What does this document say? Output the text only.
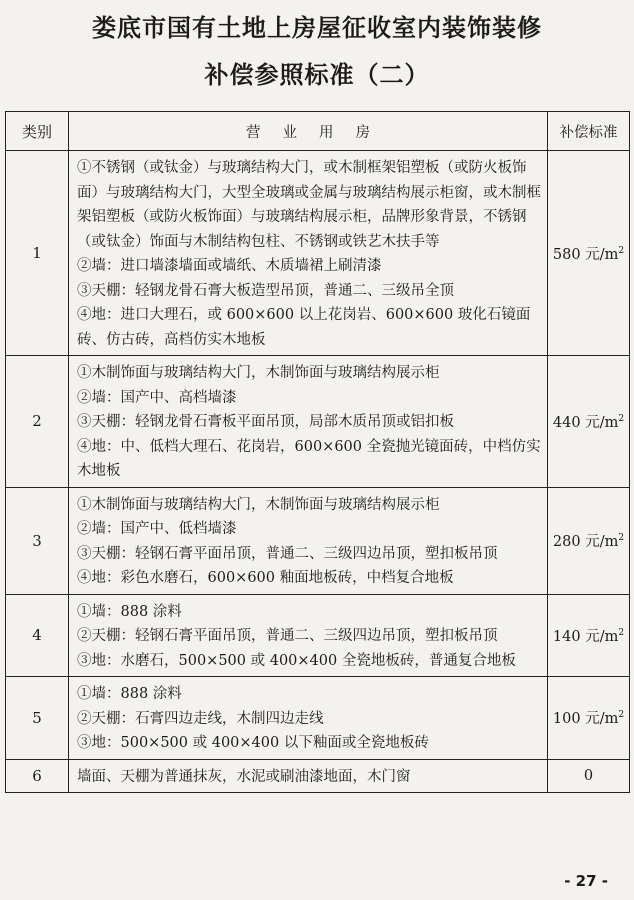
娄底市国有土地上房屋征收室内装饰装修
补偿参照标准（二）
类别	营业用房	补偿标准
1	①不锈钢（或钛金）与玻璃结构大门，或木制框架铝塑板（或防火板饰面）与玻璃结构大门，大型全玻璃或金属与玻璃结构展示柜窗，或木制框架铝塑板（或防火板饰面）与玻璃结构展示柜，品牌形象背景，不锈钢（或钛金）饰面与木制结构包柱、不锈钢或铁艺木扶手等
②墙：进口墙漆墙面或墙纸、木质墙裙上刷清漆
③天棚：轻钢龙骨石膏大板造型吊顶，普通二、三级吊全顶
④地：进口大理石，或 600×600 以上花岗岩、600×600 玻化石镜面砖、仿古砖，高档仿实木地板	580 元$/m^2$
2	①木制饰面与玻璃结构大门，木制饰面与玻璃结构展示柜
②墙：国产中、高档墙漆
③天棚：轻钢龙骨石膏板平面吊顶，局部木质吊顶或铝扣板
④地：中、低档大理石、花岗岩，600×600 全瓷抛光镜面砖，中档仿实木地板	440 元$/m^2$
3	①木制饰面与玻璃结构大门，木制饰面与玻璃结构展示柜
②墙：国产中、低档墙漆
③天棚：轻钢石膏平面吊顶，普通二、三级四边吊顶，塑扣板吊顶
④地：彩色水磨石，600×600 釉面地板砖，中档复合地板	280 元$/m^2$
4	①墙：888 涂料
②天棚：轻钢石膏平面吊顶，普通二、三级四边吊顶，塑扣板吊顶
③地：水磨石，500×500 或 400×400 全瓷地板砖，普通复合地板	140 元$/m^2$
5	①墙：888 涂料
②天棚：石膏四边走线，木制四边走线
③地：500×500 或 400×400 以下釉面或全瓷地板砖	100 元$/m^2$
6	墙面、天棚为普通抹灰，水泥或刷油漆地面，木门窗	0
- 27 -
